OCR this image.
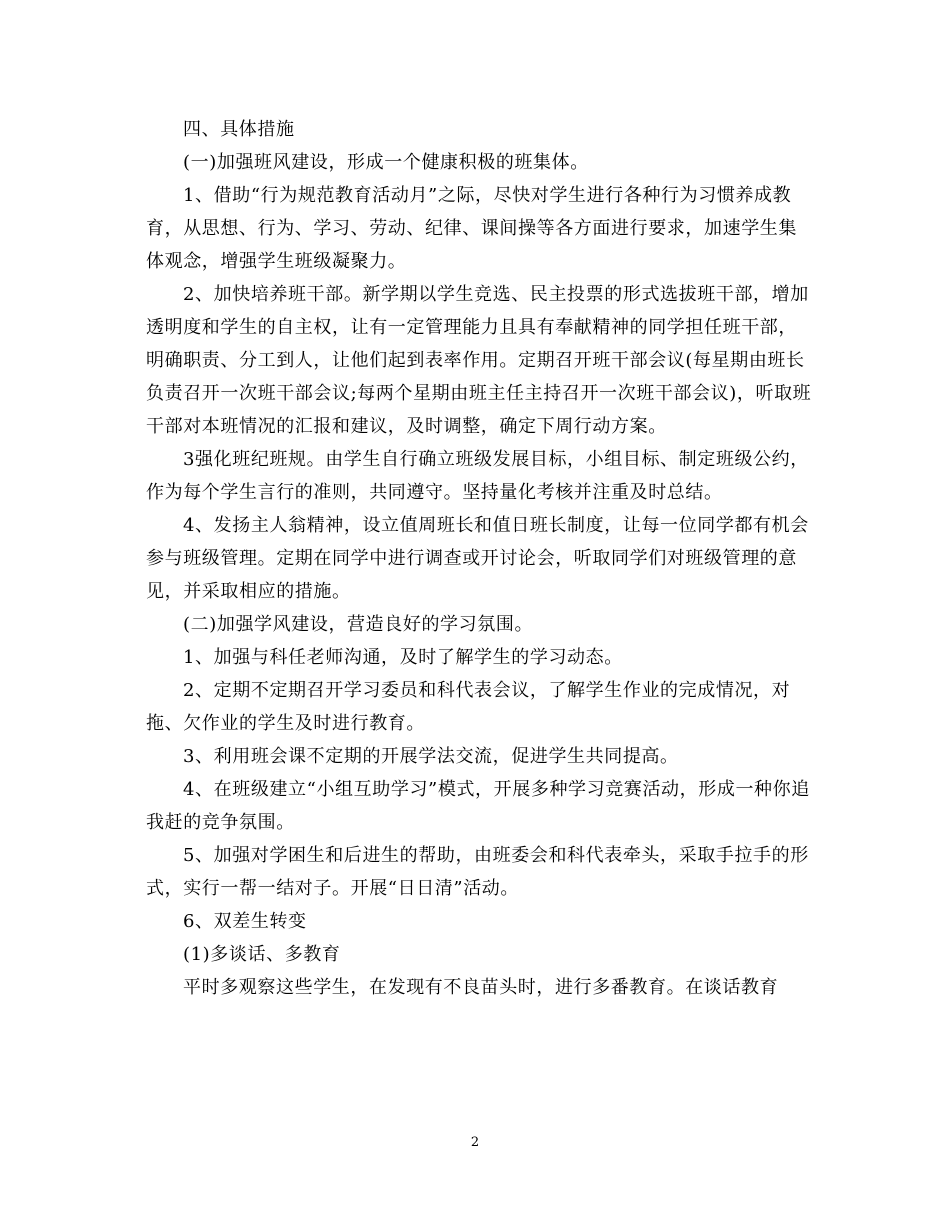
四、具体措施

(一)加强班风建设，形成一个健康积极的班集体。

1、借助“行为规范教育活动月”之际，尽快对学生进行各种行为习惯养成教育，从思想、行为、学习、劳动、纪律、课间操等各方面进行要求，加速学生集体观念，增强学生班级凝聚力。

2、加快培养班干部。新学期以学生竞选、民主投票的形式选拔班干部，增加透明度和学生的自主权，让有一定管理能力且具有奉献精神的同学担任班干部，明确职责、分工到人，让他们起到表率作用。定期召开班干部会议(每星期由班长负责召开一次班干部会议;每两个星期由班主任主持召开一次班干部会议)，听取班干部对本班情况的汇报和建议，及时调整，确定下周行动方案。

3强化班纪班规。由学生自行确立班级发展目标，小组目标、制定班级公约，作为每个学生言行的准则，共同遵守。坚持量化考核并注重及时总结。

4、发扬主人翁精神，设立值周班长和值日班长制度，让每一位同学都有机会参与班级管理。定期在同学中进行调查或开讨论会，听取同学们对班级管理的意见，并采取相应的措施。

(二)加强学风建设，营造良好的学习氛围。

1、加强与科任老师沟通，及时了解学生的学习动态。

2、定期不定期召开学习委员和科代表会议，了解学生作业的完成情况，对拖、欠作业的学生及时进行教育。

3、利用班会课不定期的开展学法交流，促进学生共同提高。

4、在班级建立“小组互助学习”模式，开展多种学习竞赛活动，形成一种你追我赶的竞争氛围。

5、加强对学困生和后进生的帮助，由班委会和科代表牵头，采取手拉手的形式，实行一帮一结对子。开展“日日清”活动。

6、双差生转变

(1)多谈话、多教育

平时多观察这些学生，在发现有不良苗头时，进行多番教育。在谈话教育

2
